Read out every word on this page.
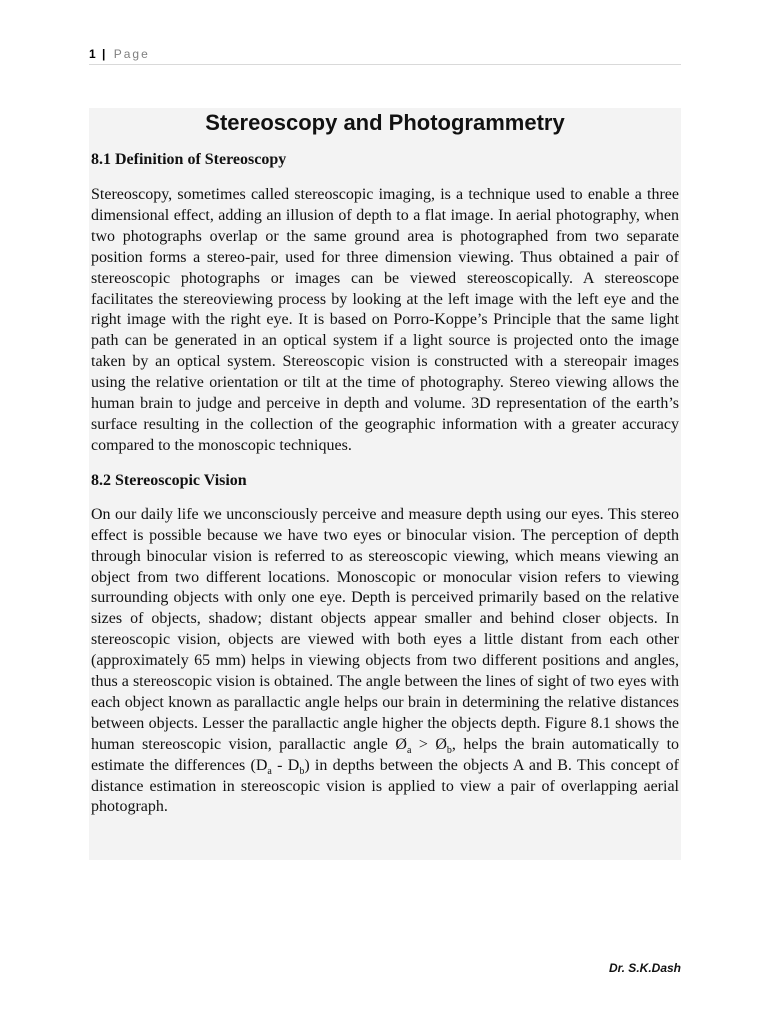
1 | Page
Stereoscopy and Photogrammetry
8.1 Definition of Stereoscopy

Stereoscopy, sometimes called stereoscopic imaging, is a technique used to enable a three dimensional effect, adding an illusion of depth to a flat image. In aerial photography, when two photographs overlap or the same ground area is photographed from two separate position forms a stereo-pair, used for three dimension viewing. Thus obtained a pair of stereoscopic photographs or images can be viewed stereoscopically. A stereoscope facilitates the stereoviewing process by looking at the left image with the left eye and the right image with the right eye. It is based on Porro-Koppe’s Principle that the same light path can be generated in an optical system if a light source is projected onto the image taken by an optical system. Stereoscopic vision is constructed with a stereopair images using the relative orientation or tilt at the time of photography. Stereo viewing allows the human brain to judge and perceive in depth and volume. 3D representation of the earth’s surface resulting in the collection of the geographic information with a greater accuracy compared to the monoscopic techniques.

8.2 Stereoscopic Vision

On our daily life we unconsciously perceive and measure depth using our eyes. This stereo effect is possible because we have two eyes or binocular vision. The perception of depth through binocular vision is referred to as stereoscopic viewing, which means viewing an object from two different locations. Monoscopic or monocular vision refers to viewing surrounding objects with only one eye. Depth is perceived primarily based on the relative sizes of objects, shadow; distant objects appear smaller and behind closer objects. In stereoscopic vision, objects are viewed with both eyes a little distant from each other (approximately 65 mm) helps in viewing objects from two different positions and angles, thus a stereoscopic vision is obtained. The angle between the lines of sight of two eyes with each object known as parallactic angle helps our brain in determining the relative distances between objects. Lesser the parallactic angle higher the objects depth. Figure 8.1 shows the human stereoscopic vision, parallactic angle $Ø_a$ > $Ø_b$, helps the brain automatically to estimate the differences $(D_a - D_b)$ in depths between the objects A and B. This concept of distance estimation in stereoscopic vision is applied to view a pair of overlapping aerial photograph.

Dr. S.K.Dash
